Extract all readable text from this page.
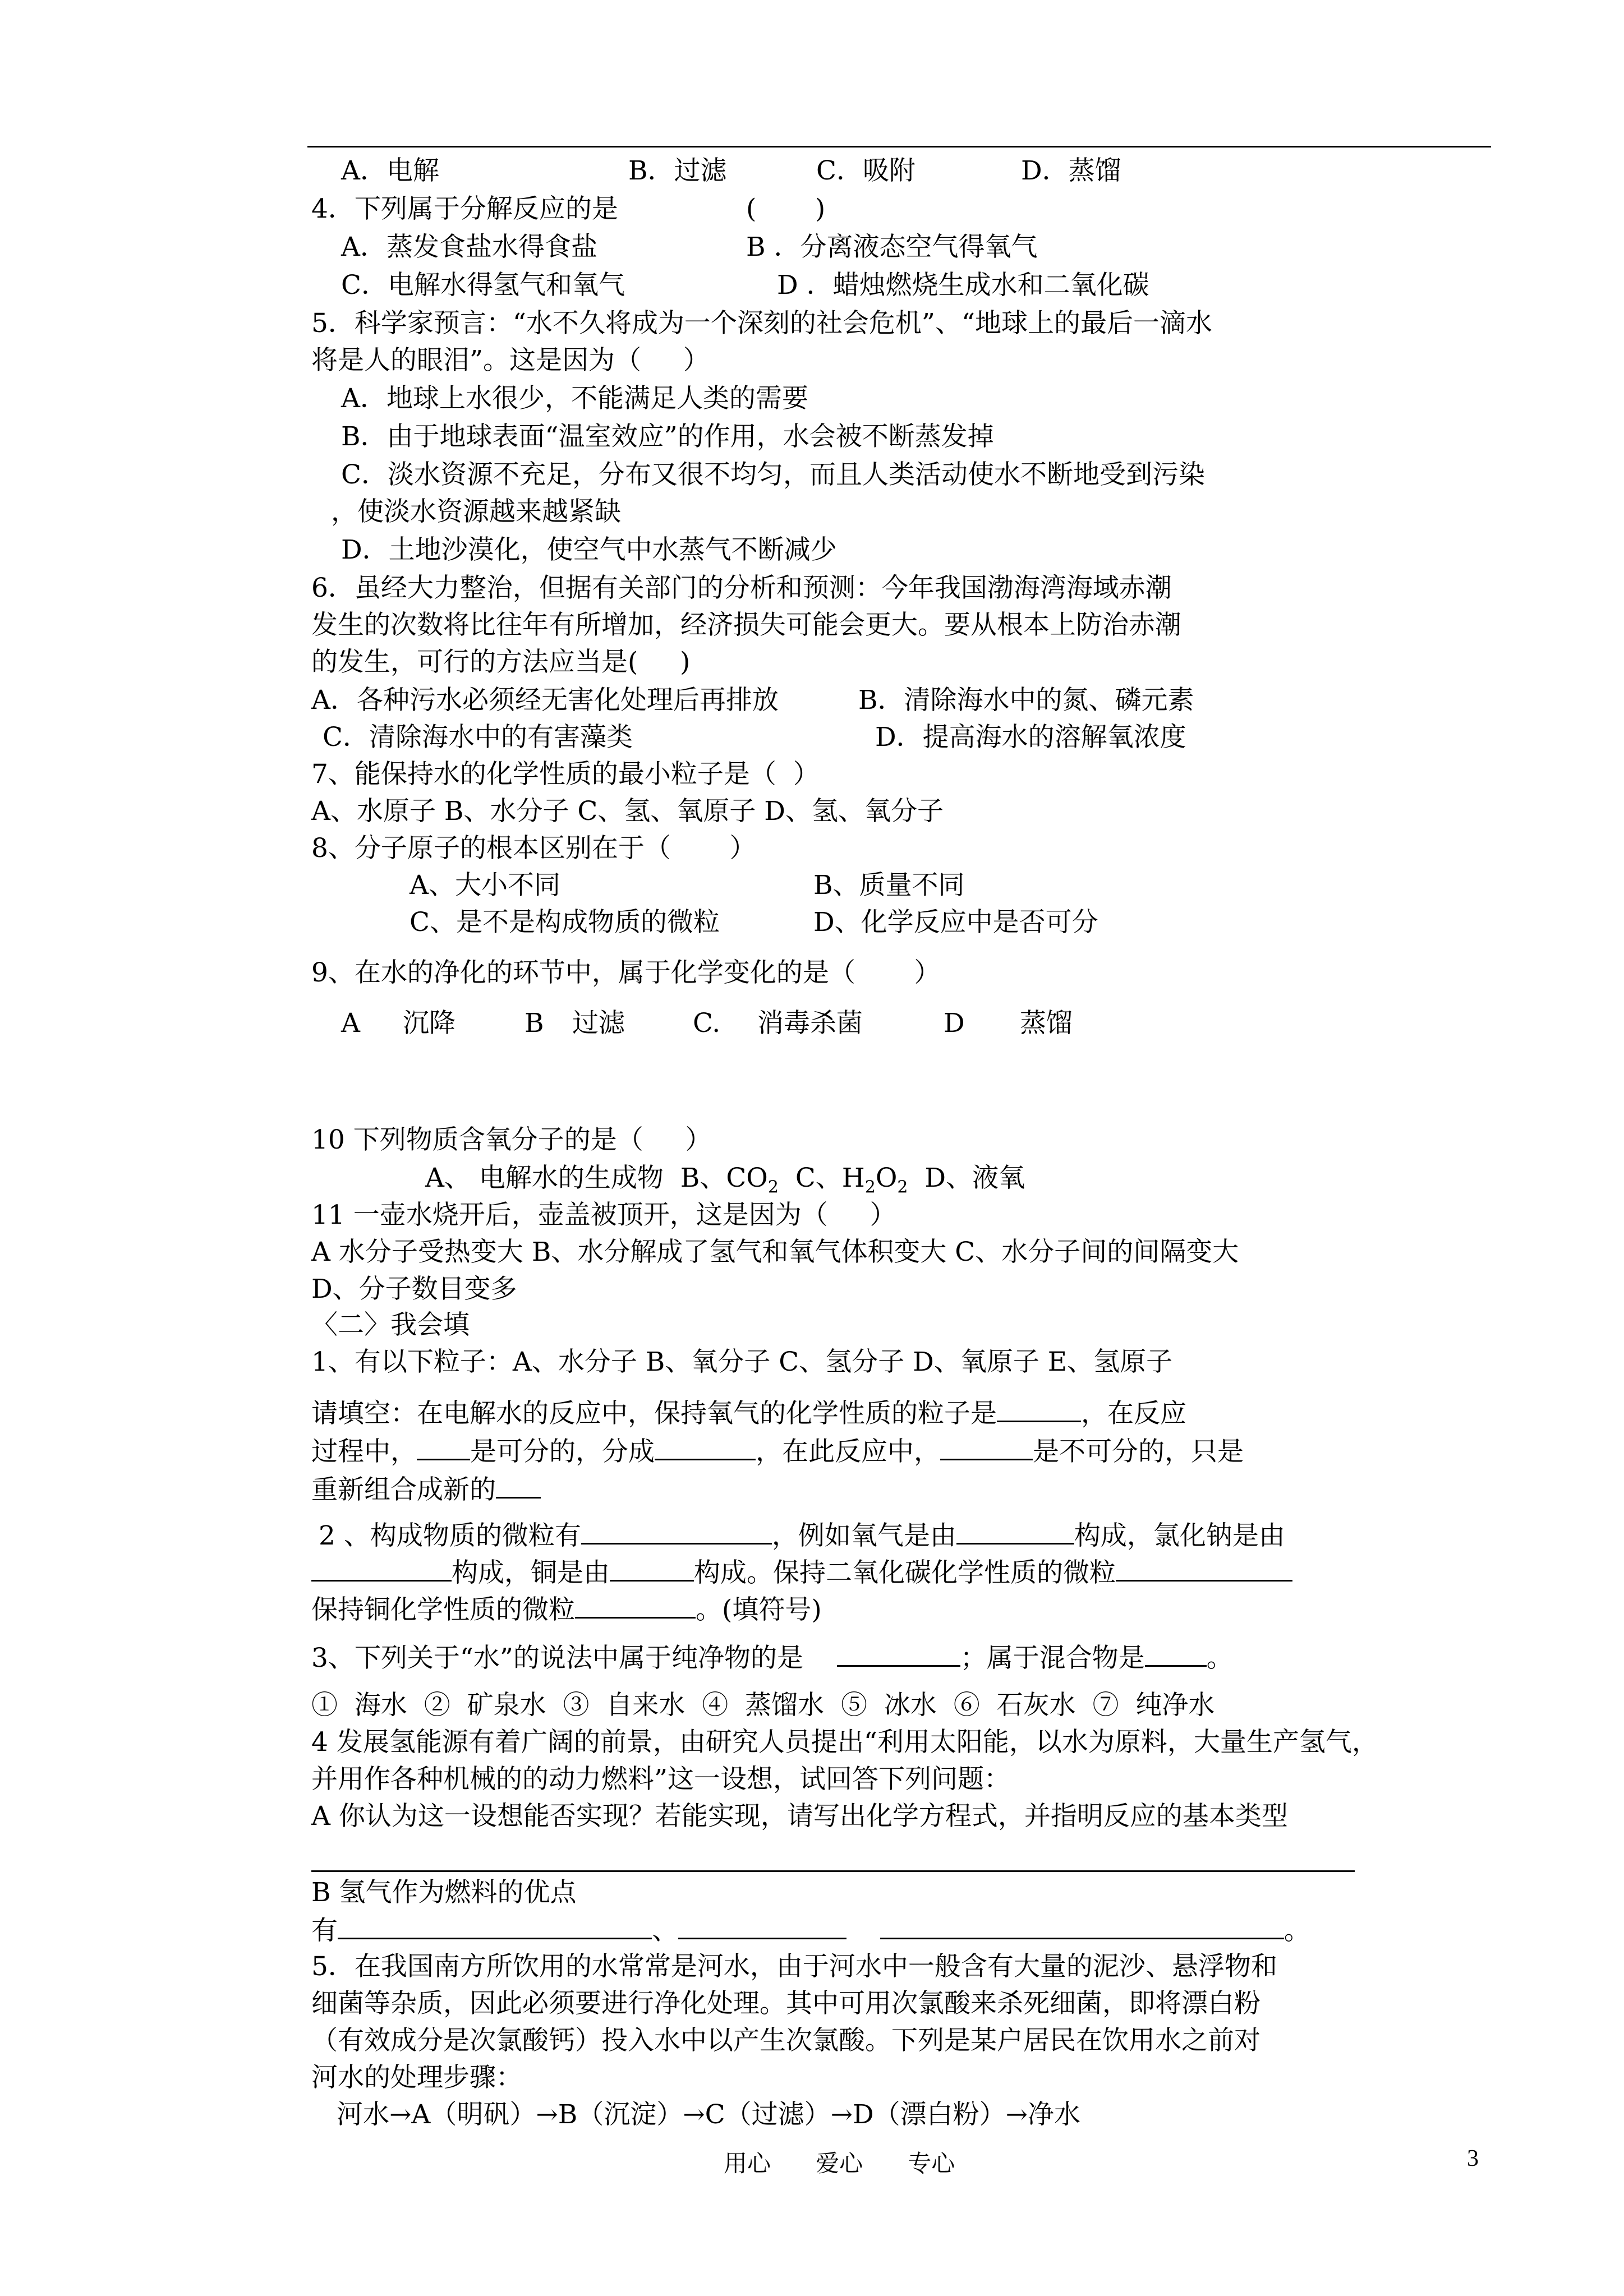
A．电解	B．过滤	C．吸附	D．蒸馏
4．下列属于分解反应的是	(       )
A．蒸发食盐水得食盐	B ．分离液态空气得氧气
C．电解水得氢气和氧气	D ．蜡烛燃烧生成水和二氧化碳
5．科学家预言：“水不久将成为一个深刻的社会危机”、“地球上的最后一滴水
将是人的眼泪”。这是因为（     ）
A．地球上水很少，不能满足人类的需要
B．由于地球表面“温室效应”的作用，水会被不断蒸发掉
C．淡水资源不充足，分布又很不均匀，而且人类活动使水不断地受到污染
，使淡水资源越来越紧缺
D．土地沙漠化，使空气中水蒸气不断减少
6．虽经大力整治，但据有关部门的分析和预测：今年我国渤海湾海域赤潮
发生的次数将比往年有所增加，经济损失可能会更大。要从根本上防治赤潮
的发生，可行的方法应当是(     )
A．各种污水必须经无害化处理后再排放	B．清除海水中的氮、磷元素
C．清除海水中的有害藻类	D．提高海水的溶解氧浓度
7、能保持水的化学性质的最小粒子是（  ）
A、水原子 B、水分子 C、氢、氧原子 D、氢、氧分子
8、分子原子的根本区别在于（       ）
A、大小不同	B、质量不同
C、是不是构成物质的微粒	D、化学反应中是否可分
9、在水的净化的环节中，属于化学变化的是（       ）
A 沉降	B 过滤	C. 消毒杀菌	D 蒸馏
10 下列物质含氧分子的是（     ）
A、 电解水的生成物 B、$CO_2$ C、$H_2O_2$ D、液氧
11 一壶水烧开后，壶盖被顶开，这是因为（     ）
A 水分子受热变大 B、水分解成了氢气和氧气体积变大 C、水分子间的间隔变大
D、分子数目变多
〈二〉我会填
1、有以下粒子：A、水分子 B、氧分子 C、氢分子 D、氧原子 E、氢原子
请填空：在电解水的反应中，保持氧气的化学性质的粒子是	，在反应
过程中， 是可分的，分成	，在此反应中，	是不可分的，只是
重新组合成新的
2 、构成物质的微粒有	，例如氧气是由	构成，氯化钠是由
构成，铜是由	构成。保持二氧化碳化学性质的微粒
保持铜化学性质的微粒	。(填符号)
3、下列关于“水”的说法中属于纯净物的是	；属于混合物是 。
①  海水  ②  矿泉水  ③  自来水  ④  蒸馏水  ⑤  冰水  ⑥  石灰水  ⑦  纯净水
4 发展氢能源有着广阔的前景，由研究人员提出“利用太阳能，以水为原料，大量生产氢气，
并用作各种机械的的动力燃料”这一设想，试回答下列问题：
A 你认为这一设想能否实现？若能实现，请写出化学方程式，并指明反应的基本类型
B 氢气作为燃料的优点
有	、	。
5．在我国南方所饮用的水常常是河水，由于河水中一般含有大量的泥沙、悬浮物和
细菌等杂质，因此必须要进行净化处理。其中可用次氯酸来杀死细菌，即将漂白粉
（有效成分是次氯酸钙）投入水中以产生次氯酸。下列是某户居民在饮用水之前对
河水的处理步骤：
河水→A（明矾）→B（沉淀）→C（过滤）→D（漂白粉）→净水
用心      爱心      专心	3
